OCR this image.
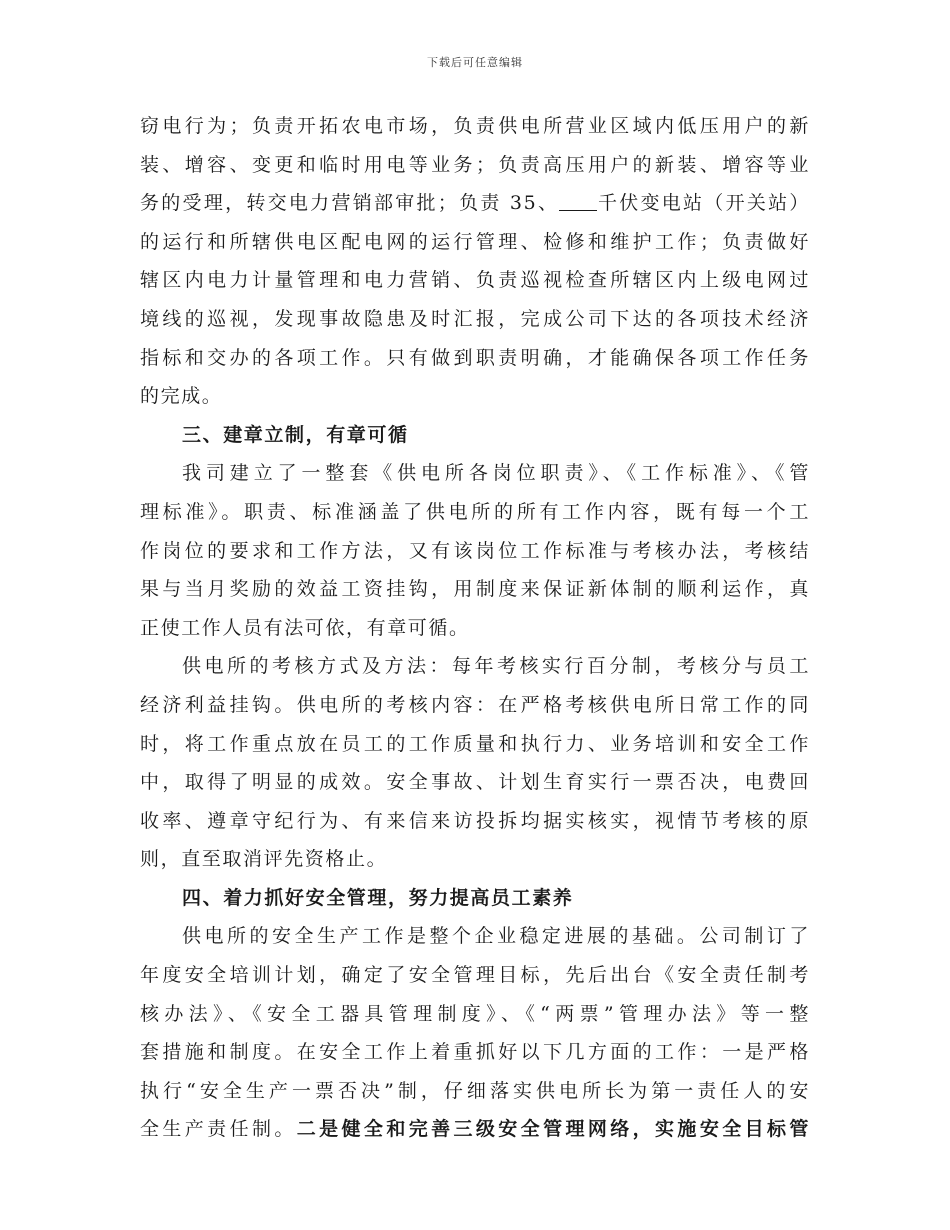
下载后可任意编辑
窃电行为；负责开拓农电市场，负责供电所营业区域内低压用户的新
装、增容、变更和临时用电等业务；负责高压用户的新装、增容等业
务的受理，转交电力营销部审批；负责 35、 千伏变电站（开关站）
的运行和所辖供电区配电网的运行管理、检修和维护工作；负责做好
辖区内电力计量管理和电力营销、负责巡视检查所辖区内上级电网过
境线的巡视，发现事故隐患及时汇报，完成公司下达的各项技术经济
指标和交办的各项工作。只有做到职责明确，才能确保各项工作任务
的完成。
三、建章立制，有章可循
我司建立了一整套《供电所各岗位职责》、《工作标准》、《管
理标准》。职责、标准涵盖了供电所的所有工作内容，既有每一个工
作岗位的要求和工作方法，又有该岗位工作标准与考核办法，考核结
果与当月奖励的效益工资挂钩，用制度来保证新体制的顺利运作，真
正使工作人员有法可依，有章可循。
供电所的考核方式及方法：每年考核实行百分制，考核分与员工
经济利益挂钩。供电所的考核内容：在严格考核供电所日常工作的同
时，将工作重点放在员工的工作质量和执行力、业务培训和安全工作
中，取得了明显的成效。安全事故、计划生育实行一票否决，电费回
收率、遵章守纪行为、有来信来访投拆均据实核实，视情节考核的原
则，直至取消评先资格止。
四、着力抓好安全管理，努力提高员工素养
供电所的安全生产工作是整个企业稳定进展的基础。公司制订了
年度安全培训计划，确定了安全管理目标，先后出台《安全责任制考
核办法》、《安全工器具管理制度》、《“两票”管理办法》等一整
套措施和制度。在安全工作上着重抓好以下几方面的工作：一是严格
执行“安全生产一票否决”制，仔细落实供电所长为第一责任人的安
全生产责任制。二是健全和完善三级安全管理网络，实施安全目标管
